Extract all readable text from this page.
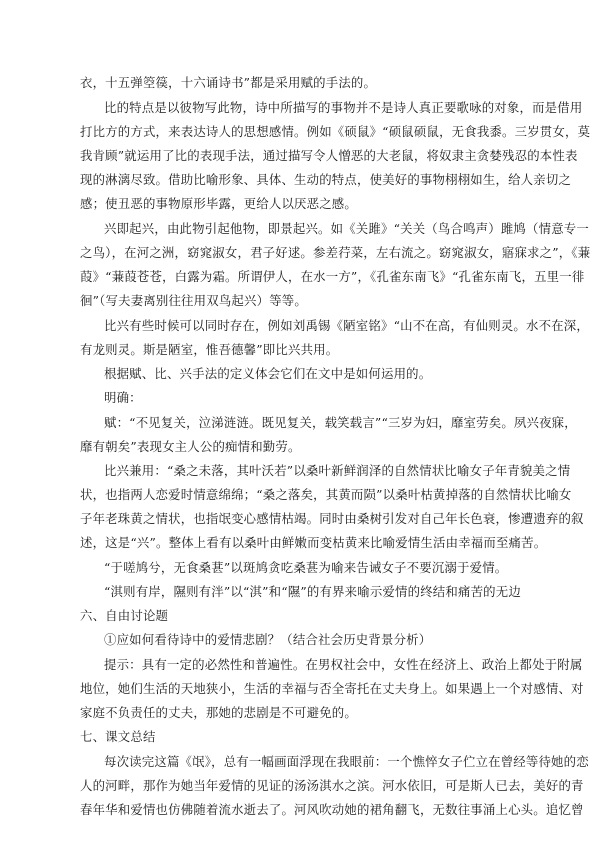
衣，十五弹箜篌，十六诵诗书”都是采用赋的手法的。
比的特点是以彼物写此物，诗中所描写的事物并不是诗人真正要歌咏的对象，而是借用
打比方的方式，来表达诗人的思想感情。例如《硕鼠》“硕鼠硕鼠，无食我黍。三岁贯女，莫
我肯顾”就运用了比的表现手法，通过描写令人憎恶的大老鼠，将奴隶主贪婪残忍的本性表
现的淋漓尽致。借助比喻形象、具体、生动的特点，使美好的事物栩栩如生，给人亲切之
感；使丑恶的事物原形毕露，更给人以厌恶之感。
兴即起兴，由此物引起他物，即景起兴。如《关雎》“关关（鸟合鸣声）雎鸠（情意专一
之鸟），在河之洲，窈窕淑女，君子好逑。参差荇菜，左右流之。窈窕淑女，寤寐求之”，《蒹
葭》“蒹葭苍苍，白露为霜。所谓伊人，在水一方”，《孔雀东南飞》“孔雀东南飞，五里一徘
徊”（写夫妻离别往往用双鸟起兴）等等。
比兴有些时候可以同时存在，例如刘禹锡《陋室铭》“山不在高，有仙则灵。水不在深，
有龙则灵。斯是陋室，惟吾德馨”即比兴共用。
根据赋、比、兴手法的定义体会它们在文中是如何运用的。
明确：
赋：“不见复关，泣涕涟涟。既见复关，载笑载言”“三岁为妇，靡室劳矣。夙兴夜寐，
靡有朝矣”表现女主人公的痴情和勤劳。
比兴兼用：“桑之未落，其叶沃若”以桑叶新鲜润泽的自然情状比喻女子年青貌美之情
状，也指两人恋爱时情意绵绵；“桑之落矣，其黄而陨”以桑叶枯黄掉落的自然情状比喻女
子年老珠黄之情状，也指氓变心感情枯竭。同时由桑树引发对自己年长色衰，惨遭遗弃的叙
述，这是“兴”。整体上看有以桑叶由鲜嫩而变枯黄来比喻爱情生活由幸福而至痛苦。
“于嗟鸠兮，无食桑葚”以斑鸠贪吃桑葚为喻来告诫女子不要沉溺于爱情。
“淇则有岸，隰则有泮”以“淇”和“隰”的有界来喻示爱情的终结和痛苦的无边
六、自由讨论题
①应如何看待诗中的爱情悲剧？（结合社会历史背景分析）
提示：具有一定的必然性和普遍性。在男权社会中，女性在经济上、政治上都处于附属
地位，她们生活的天地狭小，生活的幸福与否全寄托在丈夫身上。如果遇上一个对感情、对
家庭不负责任的丈夫，那她的悲剧是不可避免的。
七、课文总结
每次读完这篇《氓》，总有一幅画面浮现在我眼前：一个憔悴女子伫立在曾经等待她的恋
人的河畔，那作为她当年爱情的见证的汤汤淇水之滨。河水依旧，可是斯人已去，美好的青
春年华和爱情也仿佛随着流水逝去了。河风吹动她的裙角翻飞，无数往事涌上心头。追忆曾
